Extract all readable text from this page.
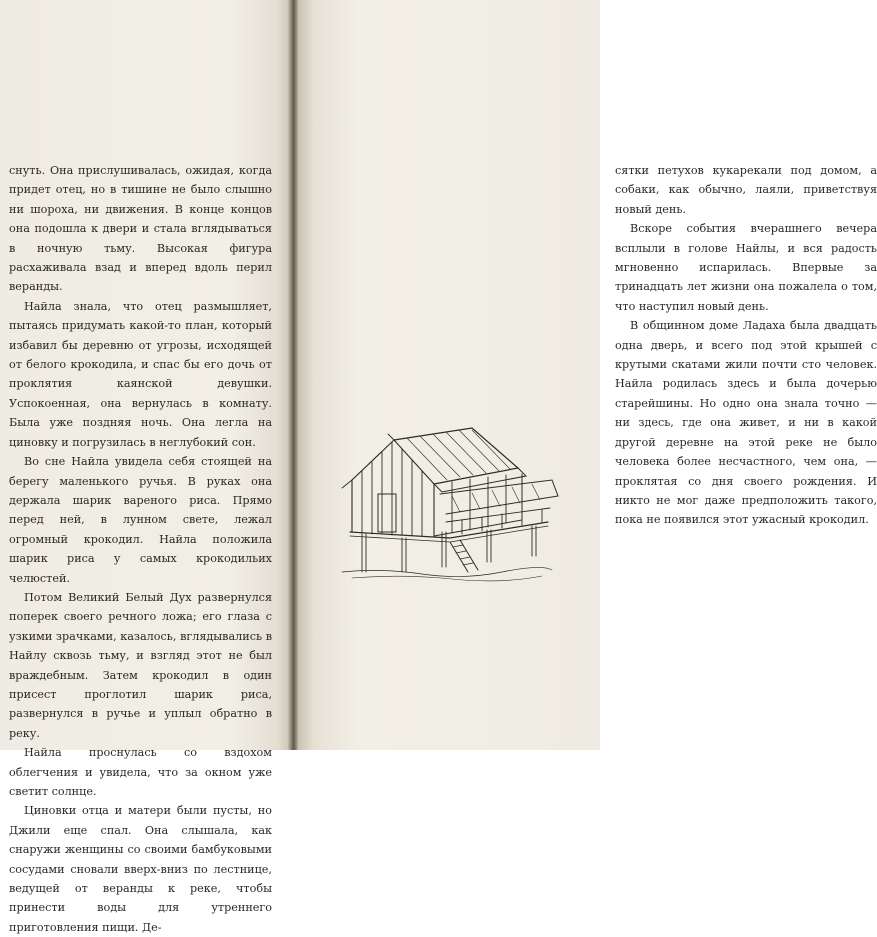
снуть. Она прислушивалась, ожидая, когда придет отец, но в тишине не было слышно ни шороха, ни движения. В конце концов она подошла к двери и стала вглядываться в ночную тьму. Высокая фигура расхаживала взад и вперед вдоль перил веранды.

Найла знала, что отец размышляет, пытаясь придумать какой-то план, который избавил бы деревню от угрозы, исходящей от белого крокодила, и спас бы его дочь от проклятия каянской девушки. Успокоенная, она вернулась в комнату. Была уже поздняя ночь. Она легла на циновку и погрузилась в неглубокий сон.

Во сне Найла увидела себя стоящей на берегу маленького ручья. В руках она держала шарик вареного риса. Прямо перед ней, в лунном свете, лежал огромный крокодил. Найла положила шарик риса у самых крокодильих челюстей.

Потом Великий Белый Дух развернулся поперек своего речного ложа; его глаза с узкими зрачками, казалось, вглядывались в Найлу сквозь тьму, и взгляд этот не был враждебным. Затем крокодил в один присест проглотил шарик риса, развернулся в ручье и уплыл обратно в реку.

Найла проснулась со вздохом облегчения и увидела, что за окном уже светит солнце.

Циновки отца и матери были пусты, но Джили еще спал. Она слышала, как снаружи женщины со своими бамбуковыми сосудами сновали вверх-вниз по лестнице, ведущей от веранды к реке, чтобы принести воды для утреннего приготовления пищи. Де-

сятки петухов кукарекали под домом, а собаки, как обычно, лаяли, приветствуя новый день.

Вскоре события вчерашнего вечера всплыли в голове Найлы, и вся радость мгновенно испарилась. Впервые за тринадцать лет жизни она пожалела о том, что наступил новый день.

В общинном доме Ладаха была двадцать одна дверь, и всего под этой крышей с крутыми скатами жили почти сто человек. Найла родилась здесь и была дочерью старейшины. Но одно она знала точно — ни здесь, где она живет, и ни в какой другой деревне на этой реке не было человека более несчастного, чем она, — проклятая со дня своего рождения. И никто не мог даже предположить такого, пока не появился этот ужасный крокодил.
